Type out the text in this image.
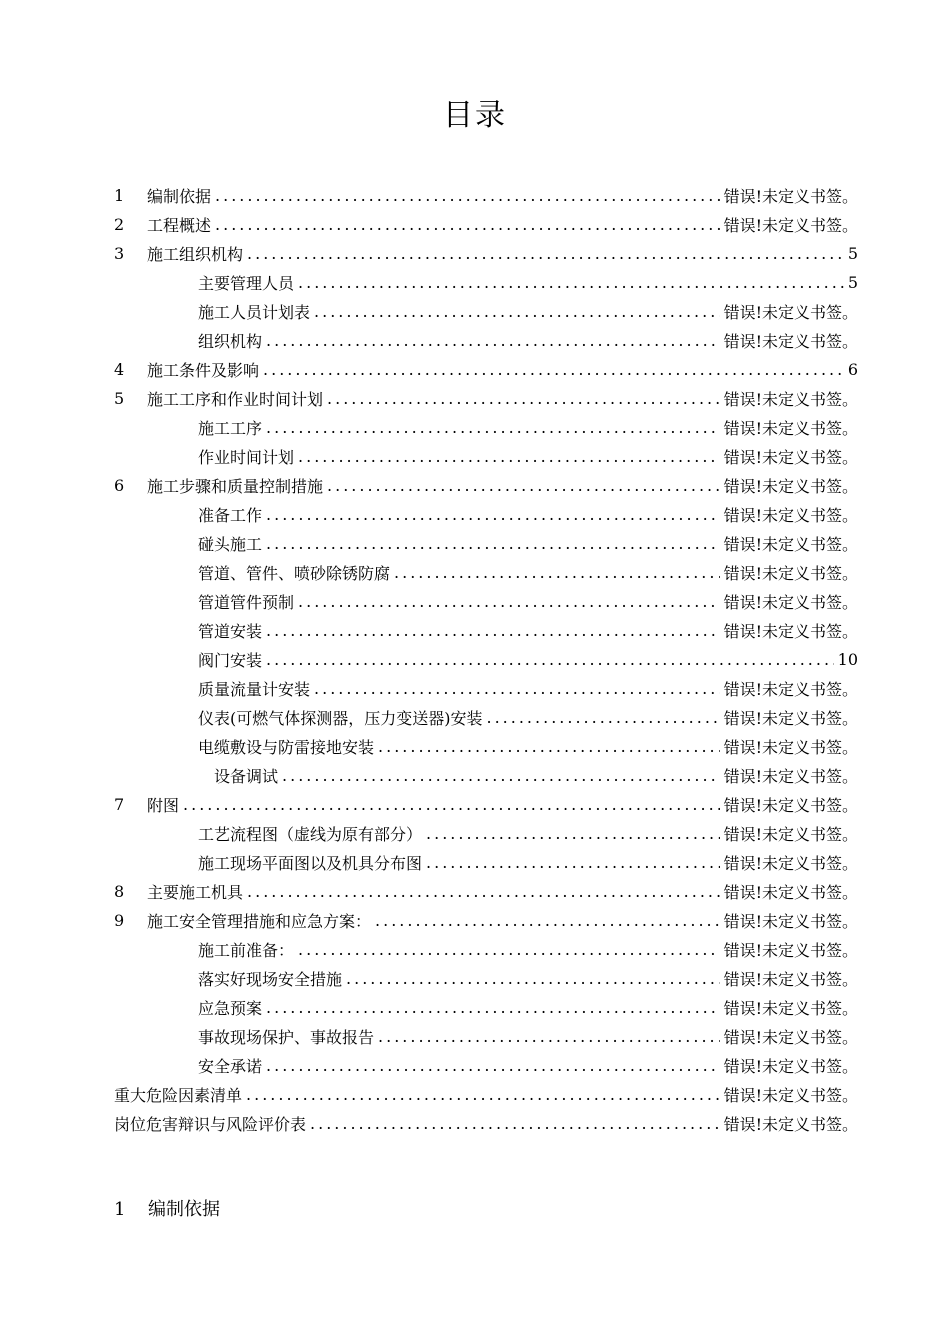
目录
1	编制依据 .....	错误!未定义书签。
2	工程概述 .....	错误!未定义书签。
3	施工组织机构 .....	5
主要管理人员 .....	5
施工人员计划表 .....	错误!未定义书签。
组织机构 .....	错误!未定义书签。
4	施工条件及影响 .....	6
5	施工工序和作业时间计划 .....	错误!未定义书签。
施工工序 .....	错误!未定义书签。
作业时间计划 .....	错误!未定义书签。
6	施工步骤和质量控制措施 .....	错误!未定义书签。
准备工作 .....	错误!未定义书签。
碰头施工 .....	错误!未定义书签。
管道、管件、喷砂除锈防腐 .....	错误!未定义书签。
管道管件预制 .....	错误!未定义书签。
管道安装 .....	错误!未定义书签。
阀门安装 .....	10
质量流量计安装 .....	错误!未定义书签。
仪表(可燃气体探测器，压力变送器)安装 .....	错误!未定义书签。
电缆敷设与防雷接地安装 .....	错误!未定义书签。
设备调试 .....	错误!未定义书签。
7	附图 .....	错误!未定义书签。
工艺流程图（虚线为原有部分） .....	错误!未定义书签。
施工现场平面图以及机具分布图 .....	错误!未定义书签。
8	主要施工机具 .....	错误!未定义书签。
9	施工安全管理措施和应急方案： .....	错误!未定义书签。
施工前准备： .....	错误!未定义书签。
落实好现场安全措施 .....	错误!未定义书签。
应急预案 .....	错误!未定义书签。
事故现场保护、事故报告 .....	错误!未定义书签。
安全承诺 .....	错误!未定义书签。
重大危险因素清单 .....	错误!未定义书签。
岗位危害辩识与风险评价表 .....	错误!未定义书签。
1 编制依据
